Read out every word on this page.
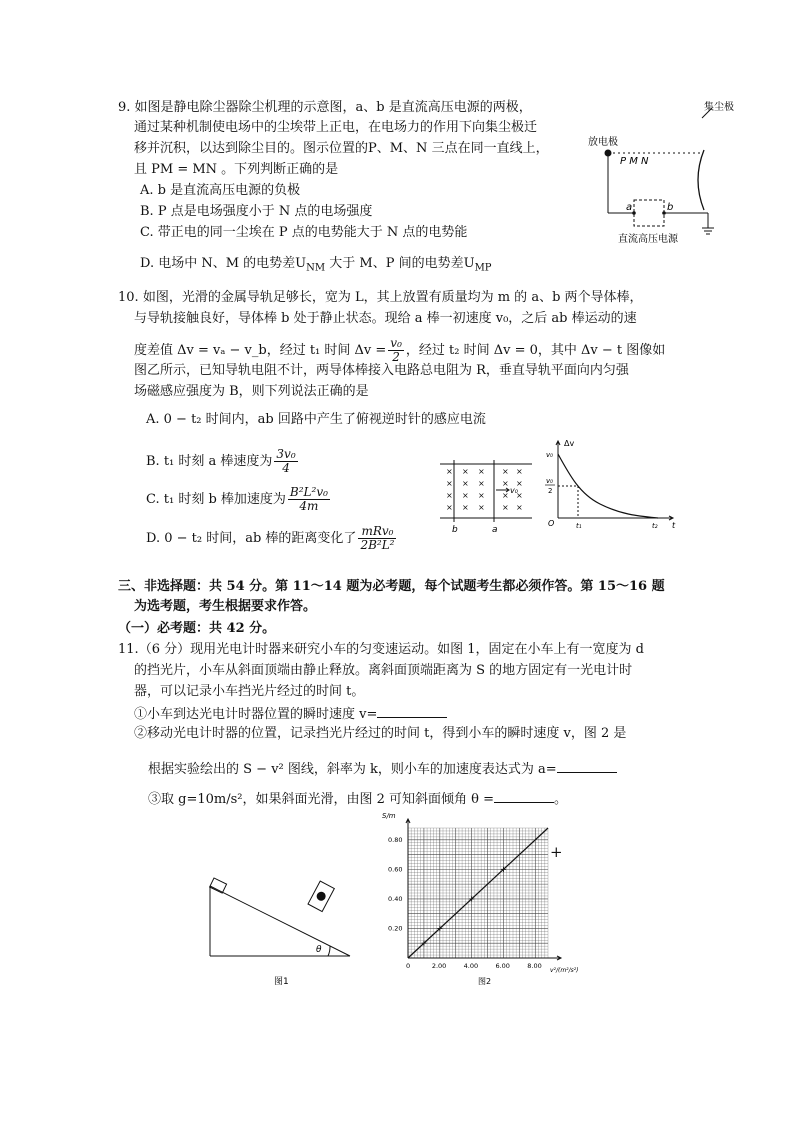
9. 如图是静电除尘器除尘机理的示意图，a、b 是直流高压电源的两极，
通过某种机制使电场中的尘埃带上正电，在电场力的作用下向集尘极迁
移并沉积，以达到除尘目的。图示位置的P、M、N 三点在同一直线上，
且 PM = MN 。下列判断正确的是
A. b 是直流高压电源的负极
B. P 点是电场强度小于 N 点的电场强度
C. 带正电的同一尘埃在 P 点的电势能大于 N 点的电势能
D. 电场中 N、M 的电势差$U_{NM}$ 大于 M、P 间的电势差$U_{MP}$
集尘极
放电极
P M N
a	b
直流高压电源
10. 如图，光滑的金属导轨足够长，宽为 L，其上放置有质量均为 m 的 a、b 两个导体棒，
与导轨接触良好，导体棒 b 处于静止状态。现给 a 棒一初速度 v₀，之后 ab 棒运动的速
度差值 Δv = vₐ − v_b，经过 t₁ 时间 $\Delta v = \frac{\text{v₀}}{2}$ ，经过 t₂ 时间 Δv = 0，其中 Δv − t 图像如
图乙所示，已知导轨电阻不计，两导体棒接入电路总电阻为 R，垂直导轨平面向内匀强
场磁感应强度为 B，则下列说法正确的是
A. 0 − t₂ 时间内，ab 回路中产生了俯视逆时针的感应电流
B. t₁ 时刻 a 棒速度为 $\frac{\text{3v₀}}{4}$
C. t₁ 时刻 b 棒加速度为 $\frac{\text{B²L²v₀}}{4m}$
D. 0 − t₂ 时间，ab 棒的距离变化了 $\frac{\text{mRv₀}}{\text{2B²L²}}$
× × × × ×
× × × × ×
× × × × ×
× × × × ×
b	a
v₀
Δv
v₀
v₀
2
O	t₁	t₂ t
三、非选择题：共 54 分。第 11～14 题为必考题，每个试题考生都必须作答。第 15～16 题
为选考题，考生根据要求作答。
（一）必考题：共 42 分。
11.（6 分）现用光电计时器来研究小车的匀变速运动。如图 1，固定在小车上有一宽度为 d
的挡光片，小车从斜面顶端由静止释放。离斜面顶端距离为 S 的地方固定有一光电计时
器，可以记录小车挡光片经过的时间 t。
①小车到达光电计时器位置的瞬时速度 v=
②移动光电计时器的位置，记录挡光片经过的时间 t，得到小车的瞬时速度 v，图 2 是
根据实验绘出的 S − v² 图线，斜率为 k，则小车的加速度表达式为 a=
③取 g=10m/s²，如果斜面光滑，由图 2 可知斜面倾角 θ =	。
θ
图1
0	2.00	4.00	6.00	8.00
0.20
0.40
0.60
0.80
S/m
v²/(m²/s²)
图2
+
